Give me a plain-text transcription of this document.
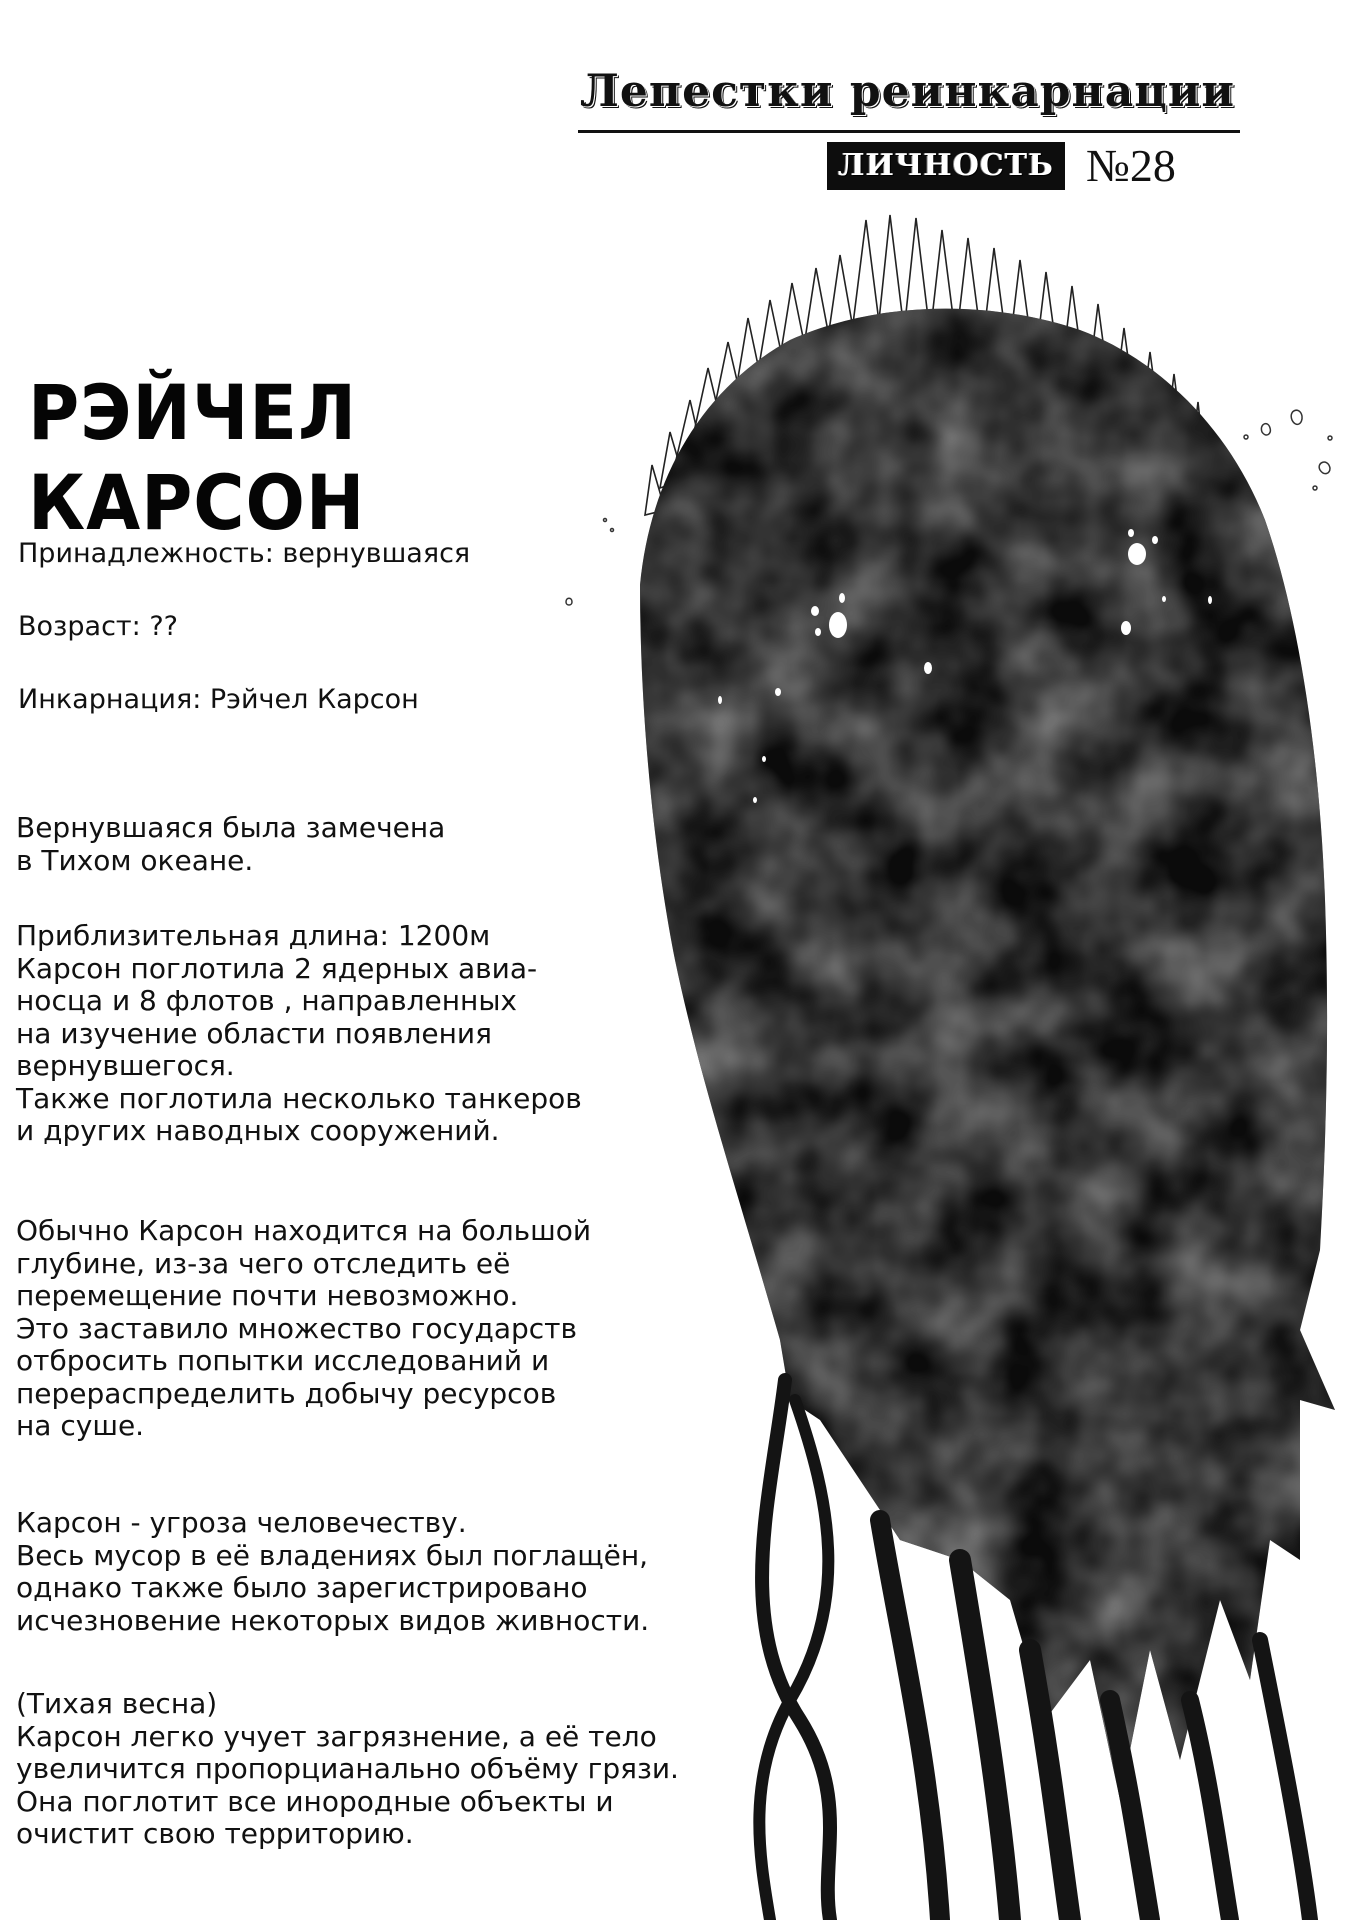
Лепестки реинкарнации
ЛИЧНОСТЬ №28
РЭЙЧЕЛ КАРСОН
Принадлежность: вернувшаяся
Возраст: ??
Инкарнация: Рэйчел Карсон
Вернувшаяся была замечена
в Тихом океане.
Приблизительная длина: 1200м
Карсон поглотила 2 ядерных авиа-
носца и 8 флотов , направленных
на изучение области появления
вернувшегося.
Также поглотила несколько танкеров
и других наводных сооружений.
Обычно Карсон находится на большой
глубине, из-за чего отследить её
перемещение почти невозможно.
Это заставило множество государств
отбросить попытки исследований и
перераспределить добычу ресурсов
на суше.
Карсон - угроза человечеству.
Весь мусор в её владениях был поглащён,
однако также было зарегистрировано
исчезновение некоторых видов живности.
(Тихая весна)
Карсон легко учует загрязнение, а её тело
увеличится пропорцианально объёму грязи.
Она поглотит все инородные объекты и
очистит свою территорию.
